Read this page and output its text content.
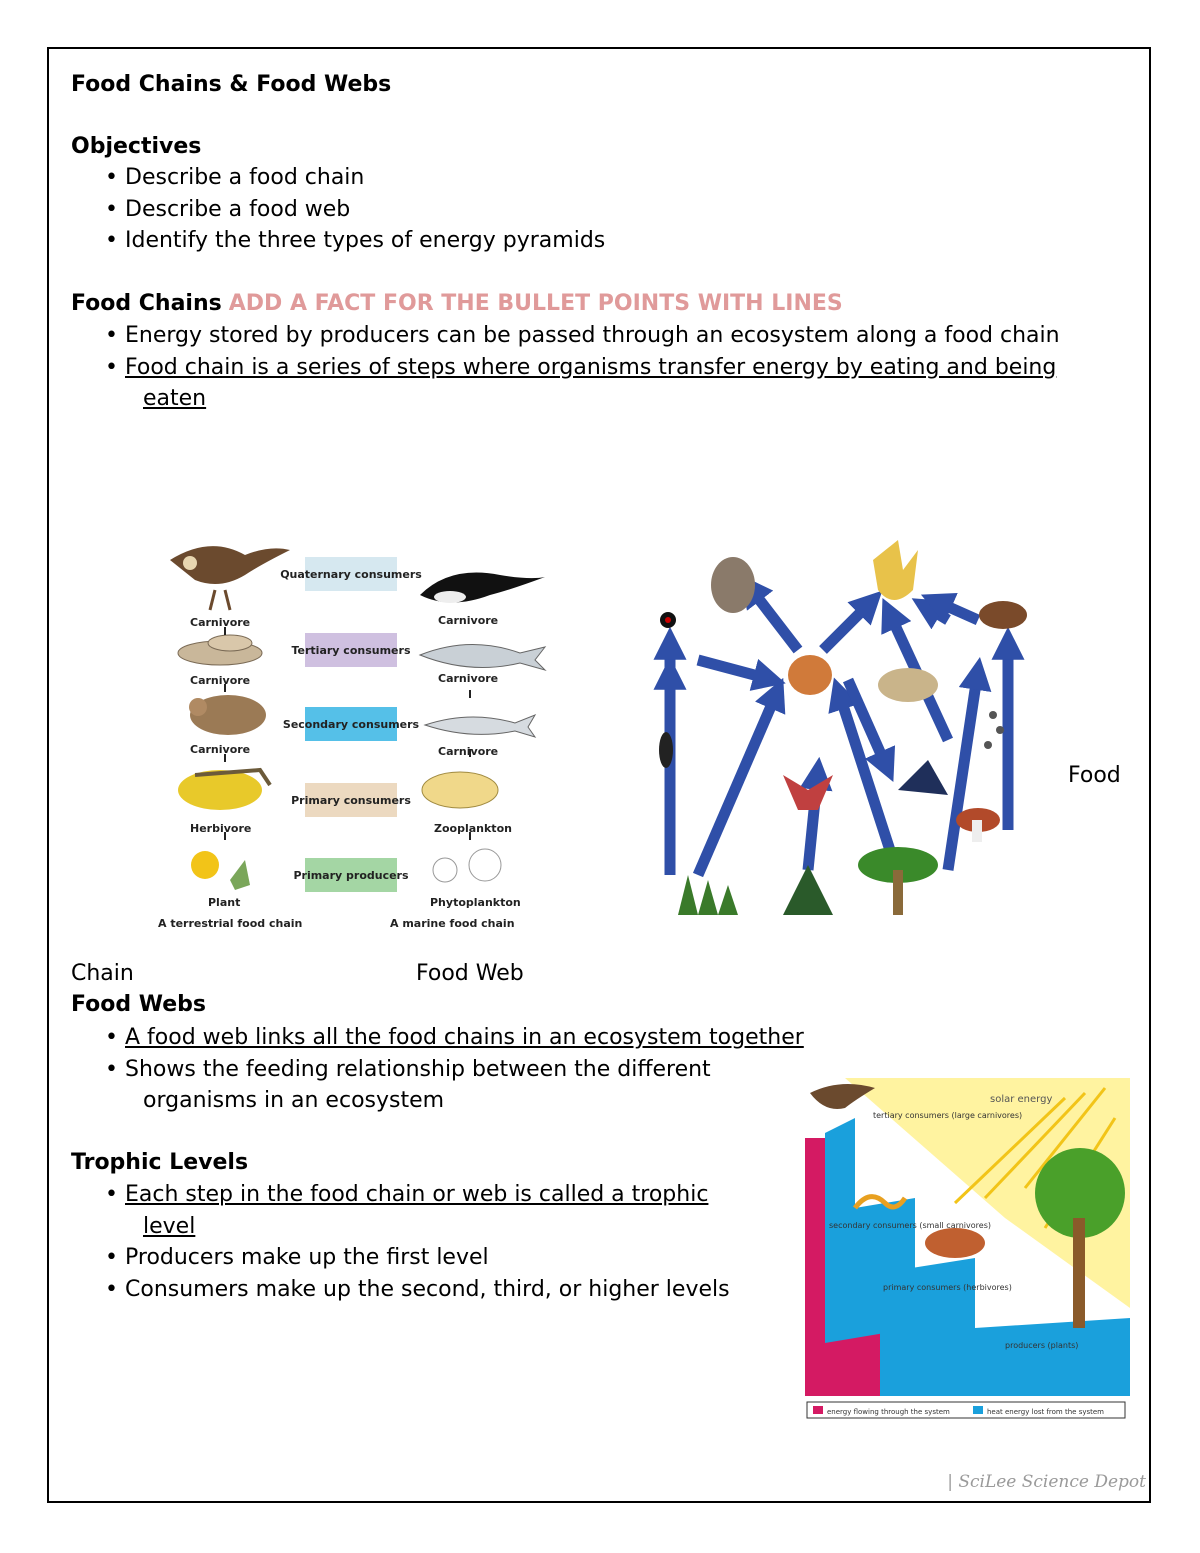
Food Chains & Food Webs
Objectives
• Describe a food chain
• Describe a food web
• Identify the three types of energy pyramids
Food Chains ADD A FACT FOR THE BULLET POINTS WITH LINES
• Energy stored by producers can be passed through an ecosystem along a food chain
• Food chain is a series of steps where organisms transfer energy by eating and being
eaten
Carnivore
Carnivore
Carnivore
Herbivore
Plant
Quaternary consumers
Tertiary consumers
Secondary consumers
Primary consumers
Primary producers
Carnivore
Carnivore
Carnivore
Zooplankton
Phytoplankton
A terrestrial food chain	A marine food chain
Food
Chain	Food Web
Food Webs
• A food web links all the food chains in an ecosystem together
• Shows the feeding relationship between the different
organisms in an ecosystem
Trophic Levels
• Each step in the food chain or web is called a trophic
level
• Producers make up the first level
• Consumers make up the second, third, or higher levels
solar energy
tertiary consumers (large carnivores)
secondary consumers (small carnivores)
primary consumers (herbivores)
producers (plants)
energy flowing through the system	heat energy lost from the system
| SciLee Science Depot
